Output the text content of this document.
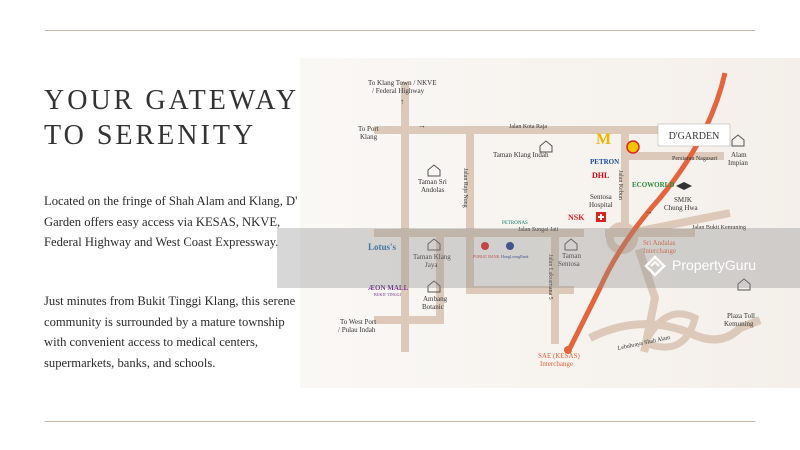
YOUR GATEWAY
TO SERENITY

Located on the fringe of Shah Alam and Klang, D' Garden offers easy access via KESAS, NKVE, Federal Highway and West Coast Expressway.

Just minutes from Bukit Tinggi Klang, this serene community is surrounded by a mature township with convenient access to medical centers, supermarkets, banks, and schools.

↑
→
→
D'GARDEN
M
PETRON
DHL
ECOWORLD
PETRONAS
NSK
Lotus's
ÆON MALL
BUKIT TINGGI
PUBLIC BANK HongLeongBank
To Klang Town / NKVE
/ Federal Highway
To Port
Klang
To West Port
/ Pulau Indah
Jalan Kota Raja
Taman Klang Indah
Taman Sri
Andolas
Jalan Sungai Jati
Persiaran Nagasari Alam
Impian
SMJK
Chung Hwa
Sentosa
Hospital
Taman Klang
Jaya
Taman
Sentosa
Ambang
Botanic
Jalan Bukit Kemuning
Sri Andalas
Interchange
Plaza Toll
Kemuning
Lebuhraya Shah Alam
SAE (KESAS)
Interchange
Jalan Raja Nong	Jalan Kebun
Jalan Laksamana 5	PropertyGuru
